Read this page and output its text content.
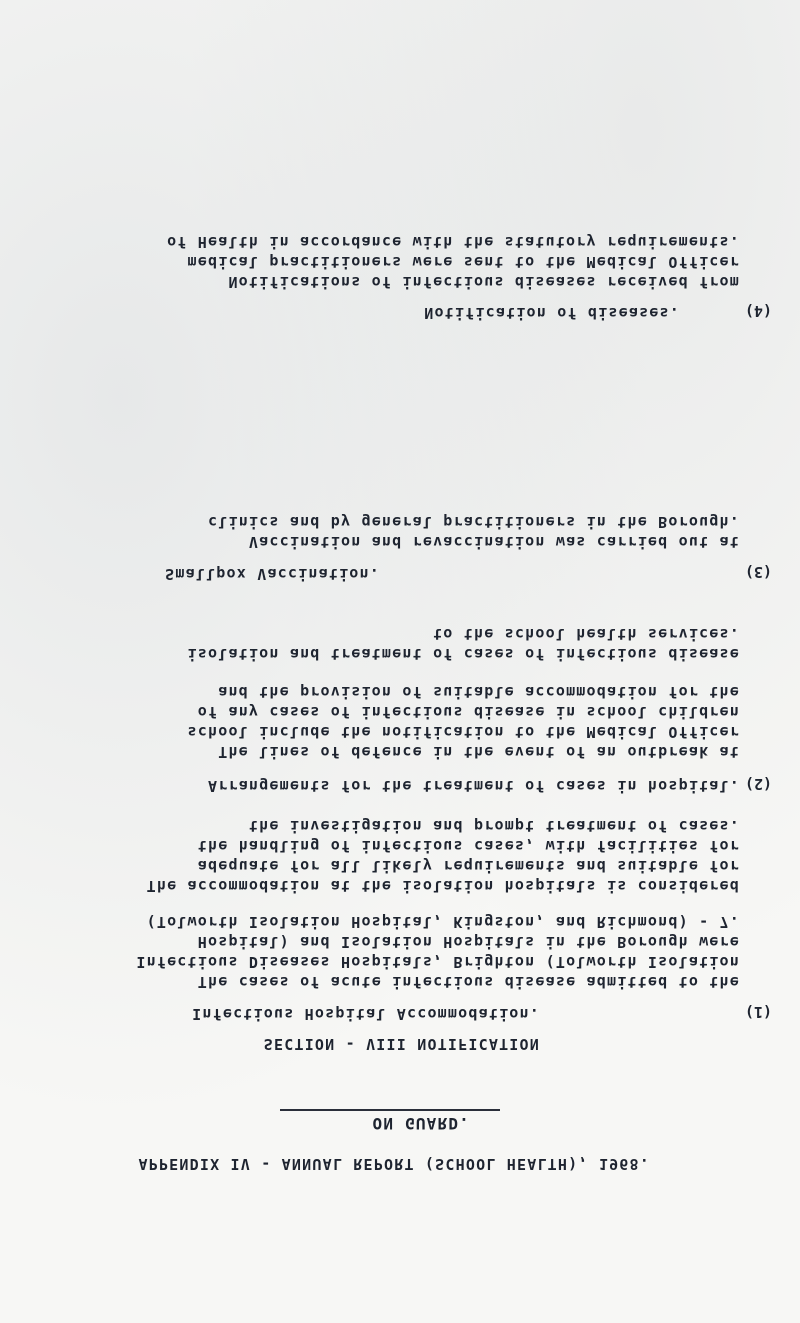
APPENDIX IV - ANNUAL REPORT (SCHOOL HEALTH), 1968.
ON GUARD.
SECTION - VIII NOTIFICATION
(1)
Infectious Hospital Accommodation.
The cases of acute infectious disease admitted to the
Infectious Diseases Hospitals, Brighton (Tolworth Isolation
Hospital) and Isolation Hospitals in the Borough were
(Tolworth Isolation Hospital, Kingston, and Richmond) - 7.
The accommodation at the isolation hospitals is considered
adequate for all likely requirements and suitable for
the handling of infectious cases, with facilities for
the investigation and prompt treatment of cases.
(2)
Arrangements for the treatment of cases in hospital.
The lines of defence in the event of an outbreak at
school include the notification to the Medical Officer
of any cases of infectious disease in school children
and the provision of suitable accommodation for the
isolation and treatment of cases of infectious disease
to the school health services.
(3)
Smallpox Vaccination.
Vaccination and revaccination was carried out at
clinics and by general practitioners in the Borough.
(4)
Notification of diseases.
Notifications of infectious diseases received from
medical practitioners were sent to the Medical Officer
of Health in accordance with the statutory requirements.
